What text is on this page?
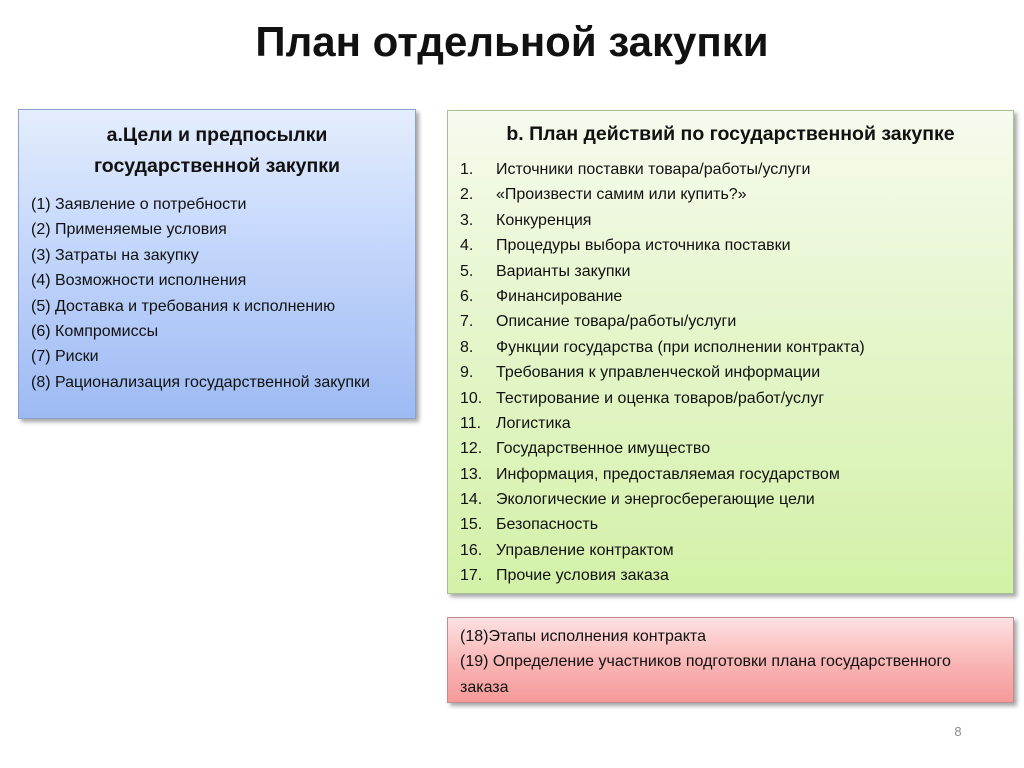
План отдельной закупки
a.Цели и предпосылки государственной закупки
(1) Заявление о потребности
(2) Применяемые условия
(3) Затраты на закупку
(4) Возможности исполнения
(5) Доставка и требования к исполнению
(6) Компромиссы
(7) Риски
(8) Рационализация государственной закупки
b. План действий по государственной закупке
1.	Источники поставки товара/работы/услуги
2.	«Произвести самим или купить?»
3.	Конкуренция
4.	Процедуры выбора источника поставки
5.	Варианты закупки
6.	Финансирование
7.	Описание товара/работы/услуги
8.	Функции государства (при исполнении контракта)
9.	Требования к управленческой информации
10. Тестирование и оценка товаров/работ/услуг
11. Логистика
12. Государственное имущество
13. Информация, предоставляемая государством
14. Экологические и энергосберегающие цели
15. Безопасность
16. Управление контрактом
17. Прочие условия заказа
(18)Этапы исполнения контракта
(19) Определение участников подготовки плана государственного заказа
8
